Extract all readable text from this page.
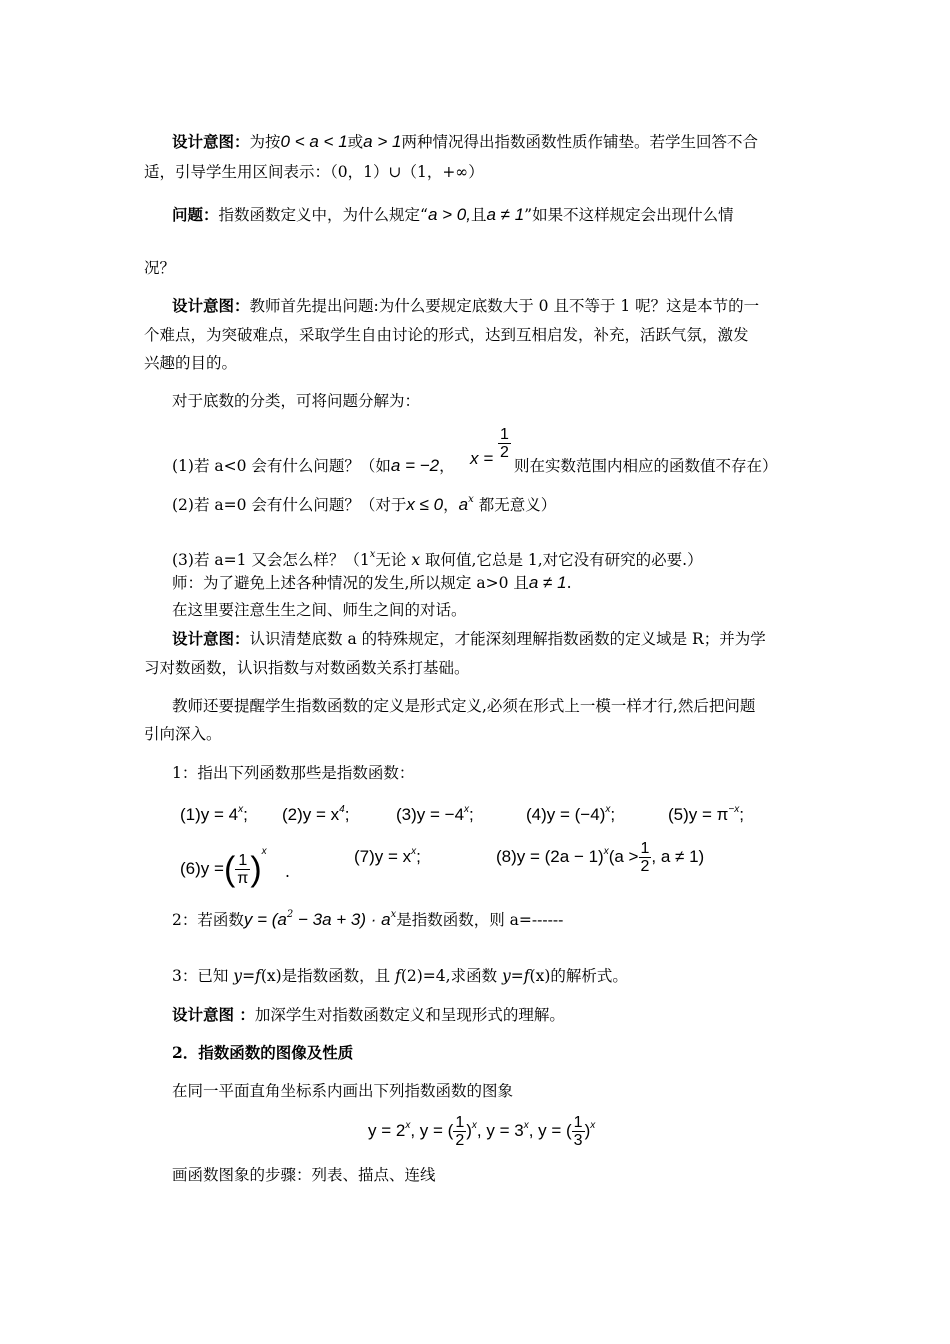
设计意图：为按0 < a < 1或a > 1两种情况得出指数函数性质作铺垫。若学生回答不合
适，引导学生用区间表示：（0，1）∪（1，+∞）
问题：指数函数定义中，为什么规定“a > 0,且a ≠ 1”如果不这样规定会出现什么情
况？
设计意图：教师首先提出问题:为什么要规定底数大于 0 且不等于 1 呢？这是本节的一
个难点，为突破难点，采取学生自由讨论的形式，达到互相启发，补充，活跃气氛，激发
兴趣的目的。
对于底数的分类，可将问题分解为：
(1)若 a<0 会有什么问题？（如a = −2， $x = \frac{1}{2}$
则在实数范围内相应的函数值不存在）
(2)若 a=0 会有什么问题？（对于x ≤ 0，$a^x$ 都无意义）
(3)若 a=1 又会怎么样？（1$^x$无论 x 取何值,它总是 1,对它没有研究的必要.）
师：为了避免上述各种情况的发生,所以规定 a>0 且a ≠ 1.
在这里要注意生生之间、师生之间的对话。
设计意图：认识清楚底数 a 的特殊规定，才能深刻理解指数函数的定义域是 R；并为学
习对数函数，认识指数与对数函数关系打基础。
教师还要提醒学生指数函数的定义是形式定义,必须在形式上一模一样才行,然后把问题
引向深入。
1：指出下列函数那些是指数函数：
$(1)y = 4^x$; $(2)y = x^4$;	$(3)y = -4^x$;	$(4)y = (-4)^x$;	$(5)y = \pi^{-x}$;
(6)y =( $\frac{1}{\pi} )^x$
.
$(7)y = x^x$;	$(8)y = (2a - 1)^x(a > \frac{1}{2}$ , a ≠ 1)
2：若函数$y = (a^2 - 3a + 3) \cdot a^x$是指数函数，则 a=------
3：已知 y=f(x)是指数函数，且 f(2)=4,求函数 y=f(x)的解析式。
设计意图 ：加深学生对指数函数定义和呈现形式的理解。
2．指数函数的图像及性质
在同一平面直角坐标系内画出下列指数函数的图象
$y = 2^x$, y = ( $\frac{1}{2} )^x$, $y = 3^x$, y = ( $\frac{1}{3} )^x$
画函数图象的步骤：列表、描点、连线
